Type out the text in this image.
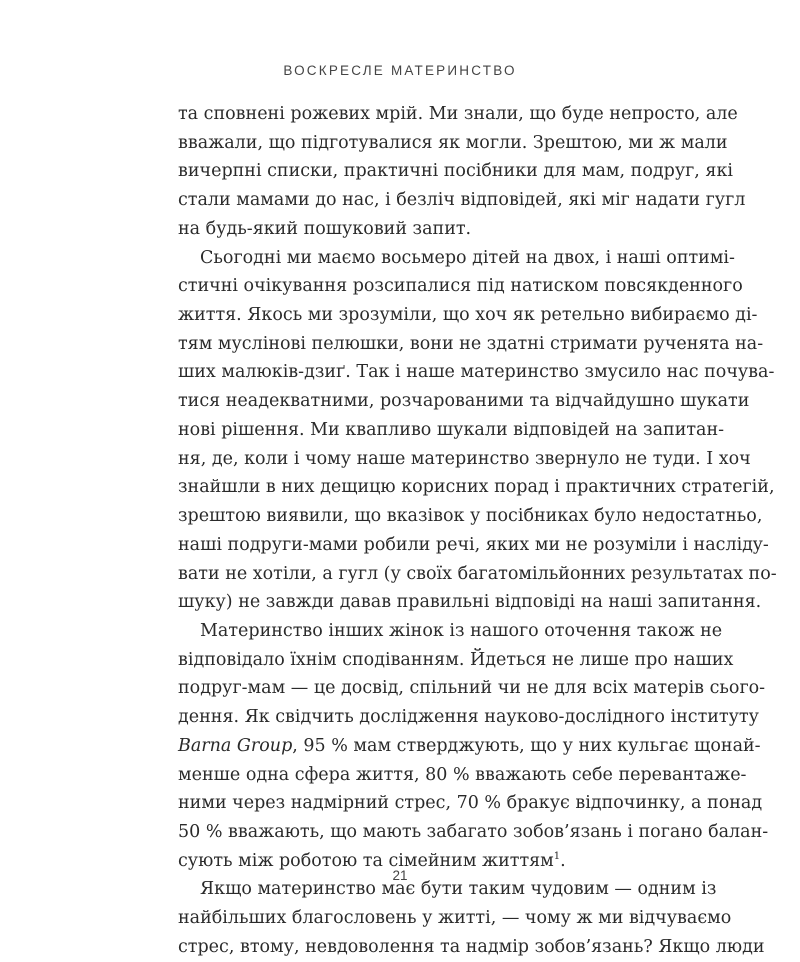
ВОСКРЕСЛЕ МАТЕРИНСТВО
та сповнені рожевих мрій. Ми знали, що буде непросто, але
вважали, що підготувалися як могли. Зрештою, ми ж мали
вичерпні списки, практичні посібники для мам, подруг, які
стали мамами до нас, і безліч відповідей, які міг надати гугл
на будь-який пошуковий запит.
Сьогодні ми маємо восьмеро дітей на двох, і наші оптимі-
стичні очікування розсипалися під натиском повсякденного
життя. Якось ми зрозуміли, що хоч як ретельно вибираємо ді-
тям муслінові пелюшки, вони не здатні стримати рученята на-
ших малюків-дзиґ. Так і наше материнство змусило нас почува-
тися неадекватними, розчарованими та відчайдушно шукати
нові рішення. Ми квапливо шукали відповідей на запитан-
ня, де, коли і чому наше материнство звернуло не туди. І хоч
знайшли в них дещицю корисних порад і практичних стратегій,
зрештою виявили, що вказівок у посібниках було недостатньо,
наші подруги-мами робили речі, яких ми не розуміли і наслідy-
вати не хотіли, а гугл (у своїх багатомільйонних результатах по-
шуку) не завжди давав правильні відповіді на наші запитання.
Материнство інших жінок із нашого оточення також не
відповідало їхнім сподіванням. Йдеться не лише про наших
подруг-мам — це досвід, спільний чи не для всіх матерів сього-
дення. Як свідчить дослідження науково-дослідного інституту
Barna Group, 95 % мам стверджують, що у них кульгає щонай-
менше одна сфера життя, 80 % вважають себе перевантаже-
ними через надмірний стрес, 70 % бракує відпочинку, а понад
50 % вважають, що мають забагато зобов’язань і погано балан-
сують між роботою та сімейним життям$^1$.
Якщо материнство має бути таким чудовим — одним із
найбільших благословень у житті, — чому ж ми відчуваємо
стрес, втому, невдоволення та надмір зобов’язань? Якщо люди
21
